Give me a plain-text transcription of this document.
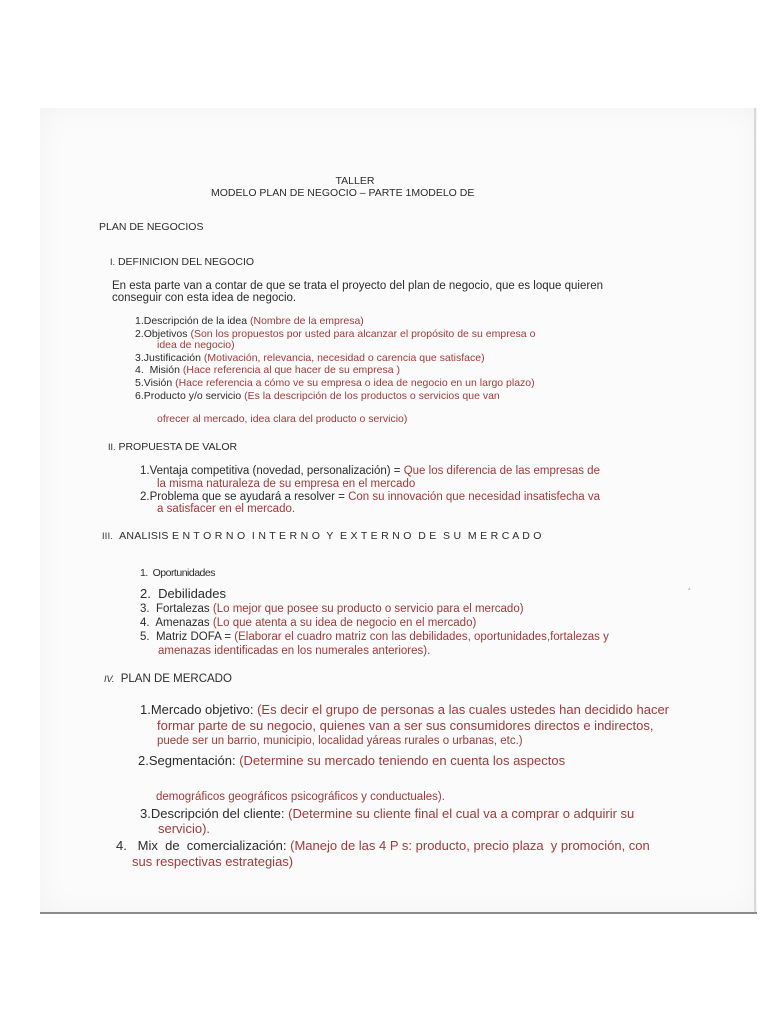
TALLER
MODELO PLAN DE NEGOCIO – PARTE 1MODELO DE
PLAN DE NEGOCIOS
I. DEFINICION DEL NEGOCIO
En esta parte van a contar de que se trata el proyecto del plan de negocio, que es loque quieren
conseguir con esta idea de negocio.
1.Descripción de la idea (Nombre de la empresa)
2.Objetivos (Son los propuestos por usted para alcanzar el propósito de su empresa o
idea de negocio)
3.Justificación (Motivación, relevancia, necesidad o carencia que satisface)
4.  Misión (Hace referencia al que hacer de su empresa )
5.Visión (Hace referencia a cómo ve su empresa o idea de negocio en un largo plazo)
6.Producto y/o servicio (Es la descripción de los productos o servicios que van
ofrecer al mercado, idea clara del producto o servicio)
II. PROPUESTA DE VALOR
1.Ventaja competitiva (novedad, personalización) = Que los diferencia de las empresas de
la misma naturaleza de su empresa en el mercado
2.Problema que se ayudará a resolver = Con su innovación que necesidad insatisfecha va
a satisfacer en el mercado.
III. ANALISIS E N T O R N O  I N T E R N O  Y  E X T E R N O  D E  S U  M E R C A D O
1.  Oportunidades
2.  Debilidades
3.  Fortalezas (Lo mejor que posee su producto o servicio para el mercado)
4.  Amenazas (Lo que atenta a su idea de negocio en el mercado)
5.  Matriz DOFA = (Elaborar el cuadro matriz con las debilidades, oportunidades,fortalezas y
amenazas identificadas en los numerales anteriores).
‘
IV. PLAN DE MERCADO
1.Mercado objetivo: (Es decir el grupo de personas a las cuales ustedes han decidido hacer
formar parte de su negocio, quienes van a ser sus consumidores directos e indirectos,
puede ser un barrio, municipio, localidad yáreas rurales o urbanas, etc.)
2.Segmentación: (Determine su mercado teniendo en cuenta los aspectos
demográficos geográficos psicográficos y conductuales).
3.Descripción del cliente: (Determine su cliente final el cual va a comprar o adquirir su
servicio).
4.   Mix  de  comercialización: (Manejo de las 4 P s: producto, precio plaza  y promoción, con
sus respectivas estrategias)
